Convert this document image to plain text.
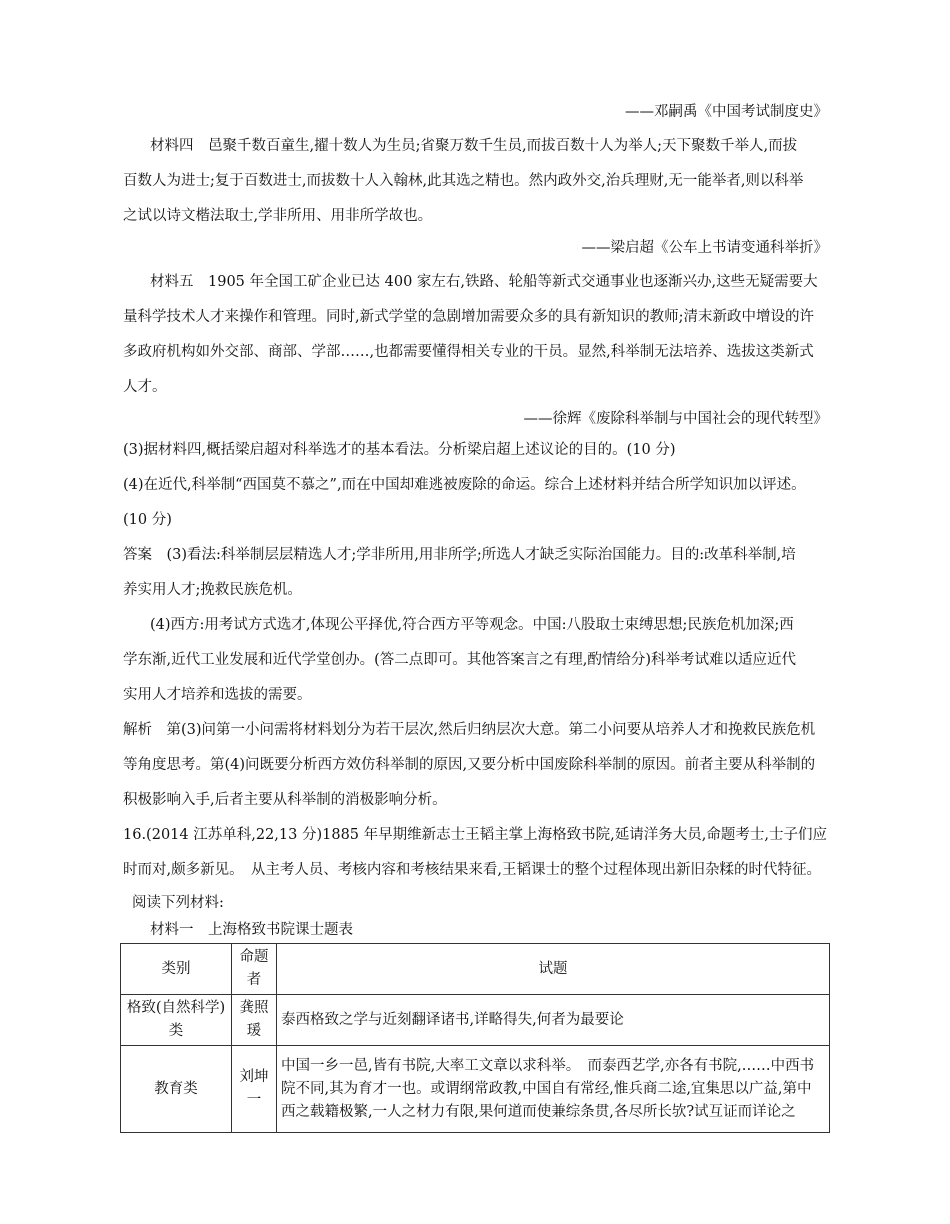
——邓嗣禹《中国考试制度史》
材料四　邑聚千数百童生,擢十数人为生员;省聚万数千生员,而拔百数十人为举人;天下聚数千举人,而拔
百数人为进士;复于百数进士,而拔数十人入翰林,此其选之精也。然内政外交,治兵理财,无一能举者,则以科举
之试以诗文楷法取士,学非所用、用非所学故也。
——梁启超《公车上书请变通科举折》
材料五　1905 年全国工矿企业已达 400 家左右,铁路、轮船等新式交通事业也逐渐兴办,这些无疑需要大
量科学技术人才来操作和管理。同时,新式学堂的急剧增加需要众多的具有新知识的教师;清末新政中增设的许
多政府机构如外交部、商部、学部……,也都需要懂得相关专业的干员。显然,科举制无法培养、选拔这类新式
人才。
——徐辉《废除科举制与中国社会的现代转型》
(3)据材料四,概括梁启超对科举选才的基本看法。分析梁启超上述议论的目的。(10 分)
(4)在近代,科举制“西国莫不慕之”,而在中国却难逃被废除的命运。综合上述材料并结合所学知识加以评述。
(10 分)
答案　(3)看法:科举制层层精选人才;学非所用,用非所学;所选人才缺乏实际治国能力。目的:改革科举制,培
养实用人才;挽救民族危机。
(4)西方:用考试方式选才,体现公平择优,符合西方平等观念。中国:八股取士束缚思想;民族危机加深;西
学东渐,近代工业发展和近代学堂创办。(答二点即可。其他答案言之有理,酌情给分)科举考试难以适应近代
实用人才培养和选拔的需要。
解析　第(3)问第一小问需将材料划分为若干层次,然后归纳层次大意。第二小问要从培养人才和挽救民族危机
等角度思考。第(4)问既要分析西方效仿科举制的原因,又要分析中国废除科举制的原因。前者主要从科举制的
积极影响入手,后者主要从科举制的消极影响分析。
16.(2014 江苏单科,22,13 分)1885 年早期维新志士王韬主掌上海格致书院,延请洋务大员,命题考士,士子们应
时而对,颇多新见。　从主考人员、考核内容和考核结果来看,王韬课士的整个过程体现出新旧杂糅的时代特征。
阅读下列材料:
材料一　上海格致书院课士题表
类别	命题者	试题
格致(自然科学)类	龚照瑗	泰西格致之学与近刻翻译诸书,详略得失,何者为最要论
教育类	刘坤一	中国一乡一邑,皆有书院,大率工文章以求科举。　而泰西艺学,亦各有书院,……中西书院不同,其为育才一也。或谓纲常政教,中国自有常经,惟兵商二途,宜集思以广益,第中西之载籍极繁,一人之材力有限,果何道而使兼综条贯,各尽所长欤?试互证而详论之
